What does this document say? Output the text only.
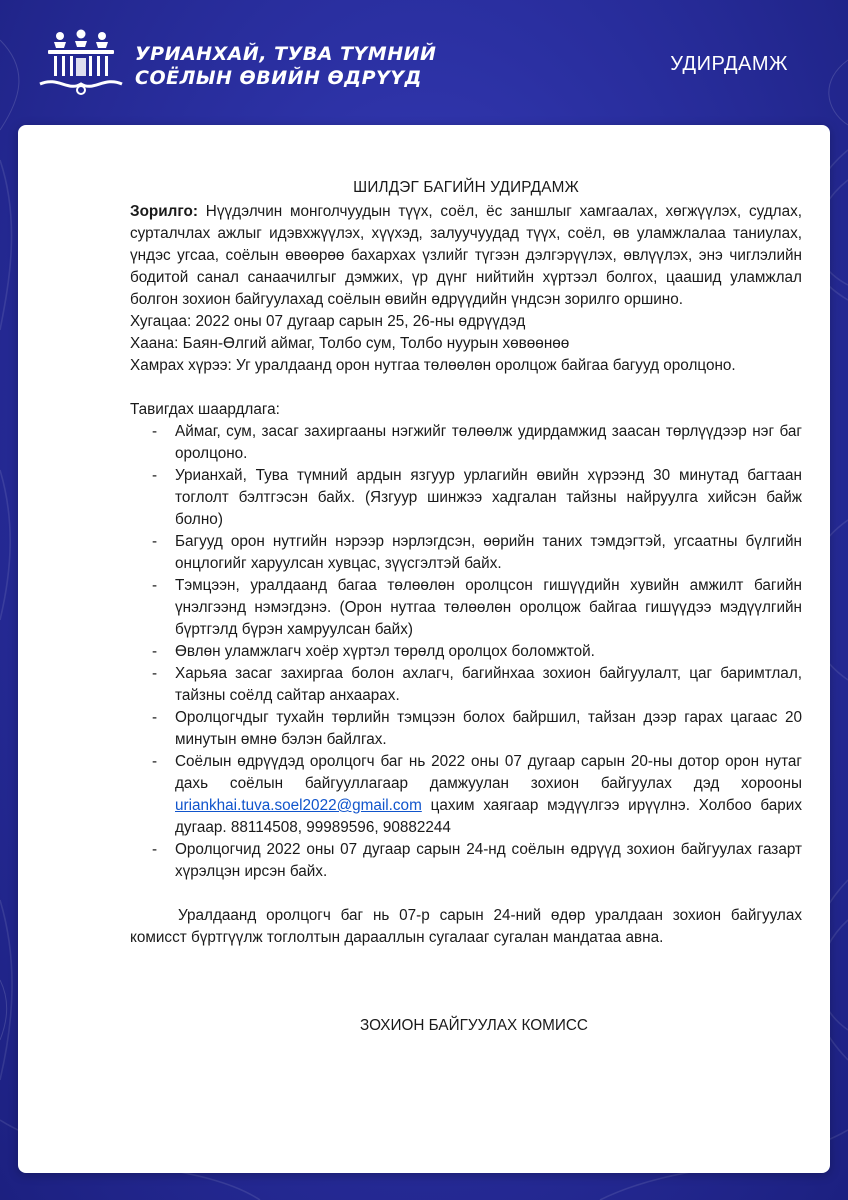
УРИАНХАЙ, ТУВА ТҮМНИЙ
СОЁЛЫН ӨВИЙН ӨДРҮҮД
УДИРДАМЖ

ШИЛДЭГ БАГИЙН УДИРДАМЖ

Зорилго: Нүүдэлчин монголчуудын түүх, соёл, ёс заншлыг хамгаалах, хөгжүүлэх, судлах, сурталчлах ажлыг идэвхжүүлэх, хүүхэд, залуучуудад түүх, соёл, өв уламжлалаа таниулах, үндэс угсаа, соёлын өвөөрөө бахархах үзлийг түгээн дэлгэрүүлэх, өвлүүлэх, энэ чиглэлийн бодитой санал санаачилгыг дэмжих, үр дүнг нийтийн хүртээл болгох, цаашид уламжлал болгон зохион байгуулахад соёлын өвийн өдрүүдийн үндсэн зорилго оршино.

Хугацаа: 2022 оны 07 дугаар сарын 25, 26-ны өдрүүдэд

Хаана: Баян-Өлгий аймаг, Толбо сум, Толбо нуурын хөвөөнөө

Хамрах хүрээ: Уг уралдаанд орон нутгаа төлөөлөн оролцож байгаа багууд оролцоно.

Тавигдах шаардлага:

- Аймаг, сум, засаг захиргааны нэгжийг төлөөлж удирдамжид заасан төрлүүдээр нэг баг оролцоно.
- Урианхай, Тува түмний ардын язгуур урлагийн өвийн хүрээнд 30 минутад багтаан тоглолт бэлтгэсэн байх. (Язгуур шинжээ хадгалан тайзны найруулга хийсэн байж болно)
- Багууд орон нутгийн нэрээр нэрлэгдсэн, өөрийн таних тэмдэгтэй, угсаатны бүлгийн онцлогийг харуулсан хувцас, зүүсгэлтэй байх.
- Тэмцээн, уралдаанд багаа төлөөлөн оролцсон гишүүдийн хувийн амжилт багийн үнэлгээнд нэмэгдэнэ. (Орон нутгаа төлөөлөн оролцож байгаа гишүүдээ мэдүүлгийн бүртгэлд бүрэн хамруулсан байх)
- Өвлөн уламжлагч хоёр хүртэл төрөлд оролцох боломжтой.
- Харьяа засаг захиргаа болон ахлагч, багийнхаа зохион байгуулалт, цаг баримтлал, тайзны соёлд сайтар анхаарах.
- Оролцогчдыг тухайн төрлийн тэмцээн болох байршил, тайзан дээр гарах цагаас 20 минутын өмнө бэлэн байлгах.
- Соёлын өдрүүдэд оролцогч баг нь 2022 оны 07 дугаар сарын 20-ны дотор орон нутаг дахь соёлын байгууллагаар дамжуулан зохион байгуулах дэд хорооны uriankhai.tuva.soel2022@gmail.com цахим хаягаар мэдүүлгээ ирүүлнэ. Холбоо барих дугаар. 88114508, 99989596, 90882244
- Оролцогчид 2022 оны 07 дугаар сарын 24-нд соёлын өдрүүд зохион байгуулах газарт хүрэлцэн ирсэн байх.

Уралдаанд оролцогч баг нь 07-р сарын 24-ний өдөр уралдаан зохион байгуулах комисст бүртгүүлж тоглолтын дарааллын сугалааг сугалан мандатаа авна.

ЗОХИОН БАЙГУУЛАХ КОМИСС
